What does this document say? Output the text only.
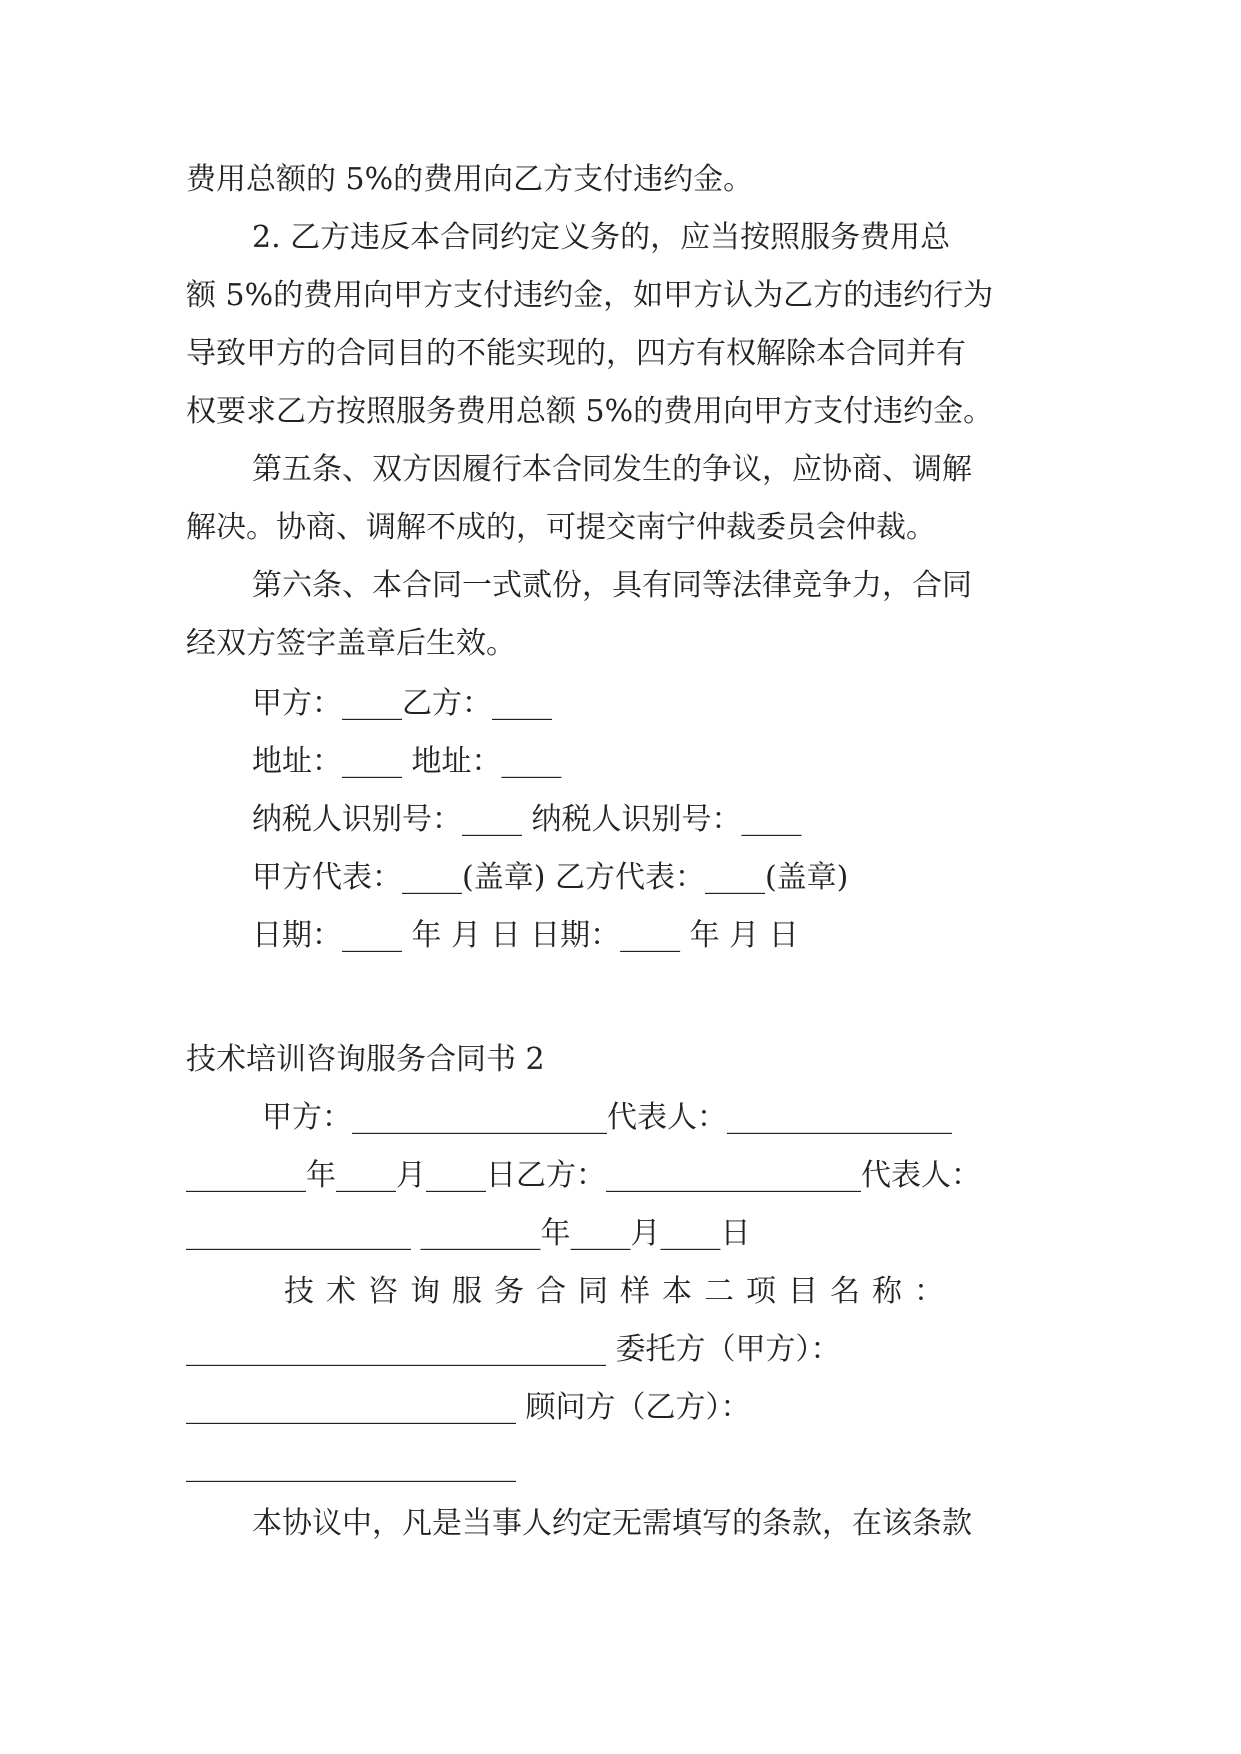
费用总额的 5%的费用向乙方支付违约金。
2. 乙方违反本合同约定义务的，应当按照服务费用总
额 5%的费用向甲方支付违约金，如甲方认为乙方的违约行为
导致甲方的合同目的不能实现的，四方有权解除本合同并有
权要求乙方按照服务费用总额 5%的费用向甲方支付违约金。
第五条、双方因履行本合同发生的争议，应协商、调解
解决。协商、调解不成的，可提交南宁仲裁委员会仲裁。
第六条、本合同一式贰份，具有同等法律竞争力，合同
经双方签字盖章后生效。
甲方：____乙方：____
地址：____ 地址：____
纳税人识别号：____ 纳税人识别号：____
甲方代表：____(盖章) 乙方代表：____(盖章)
日期：____ 年 月 日 日期：____ 年 月 日
技术培训咨询服务合同书 2
甲方：_________________代表人：_______________
________年____月____日乙方：_________________代表人：
_______________ ________年____月____日
技术咨询服务合同样本二项目名称：
____________________________ 委托方（甲方）：
______________________ 顾问方（乙方）：
______________________
本协议中，凡是当事人约定无需填写的条款，在该条款
